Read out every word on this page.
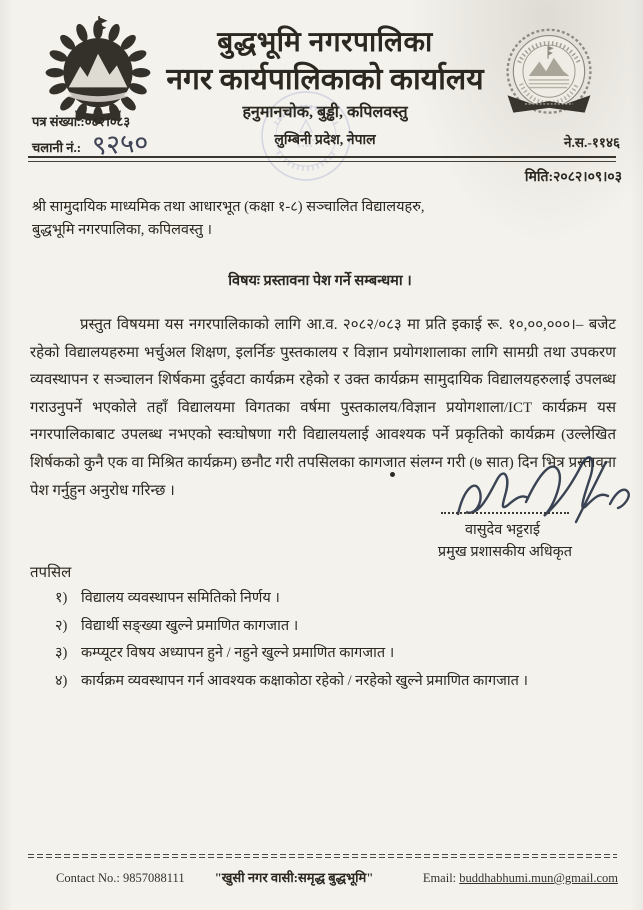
बुद्धभूमि नगरपालिका
नगर कार्यपालिकाको कार्यालय
हनुमानचोक, बुड्ढी, कपिलवस्तु
लुम्बिनी प्रदेश, नेपाल
पत्र संख्या.:०८२।०८३
चलानी नं.: ९२५०	ने.स.-११४६
मिति:२०८२।०९।०३
श्री सामुदायिक माध्यमिक तथा आधारभूत (कक्षा १-८) सञ्चालित विद्यालयहरु,
बुद्धभूमि नगरपालिका, कपिलवस्तु ।
विषयः प्रस्तावना पेश गर्ने सम्बन्धमा ।
प्रस्तुत विषयमा यस नगरपालिकाको लागि आ.व. २०८२/०८३ मा प्रति इकाई रू. १०,००,०००।– बजेट रहेको विद्यालयहरुमा भर्चुअल शिक्षण, इलर्निङ पुस्तकालय र विज्ञान प्रयोगशालाका लागि सामग्री तथा उपकरण व्यवस्थापन र सञ्चालन शिर्षकमा दुईवटा कार्यक्रम रहेको र उक्त कार्यक्रम सामुदायिक विद्यालयहरुलाई उपलब्ध गराउनुपर्ने भएकोले तहाँ विद्यालयमा विगतका वर्षमा पुस्तकालय/विज्ञान प्रयोगशाला/ICT कार्यक्रम यस नगरपालिकाबाट उपलब्ध नभएको स्वःघोषणा गरी विद्यालयलाई आवश्यक पर्ने प्रकृतिको कार्यक्रम (उल्लेखित शिर्षकको कुनै एक वा मिश्रित कार्यक्रम) छनौट गरी तपसिलका कागजात संलग्न गरी (७ सात) दिन भित्र प्रस्तावना पेश गर्नुहुन अनुरोध गरिन्छ ।
वासुदेव भट्टराई
प्रमुख प्रशासकीय अधिकृत
तपसिल
१) विद्यालय व्यवस्थापन समितिको निर्णय ।
२) विद्यार्थी सङ्ख्या खुल्ने प्रमाणित कागजात ।
३) कम्प्यूटर विषय अध्यापन हुने / नहुने खुल्ने प्रमाणित कागजात ।
४) कार्यक्रम व्यवस्थापन गर्न आवश्यक कक्षाकोठा रहेको / नरहेको खुल्ने प्रमाणित कागजात ।
Contact No.: 9857088111 "खुसी नगर वासी:समृद्ध बुद्धभूमि"	Email: buddhabhumi.mun@gmail.com
